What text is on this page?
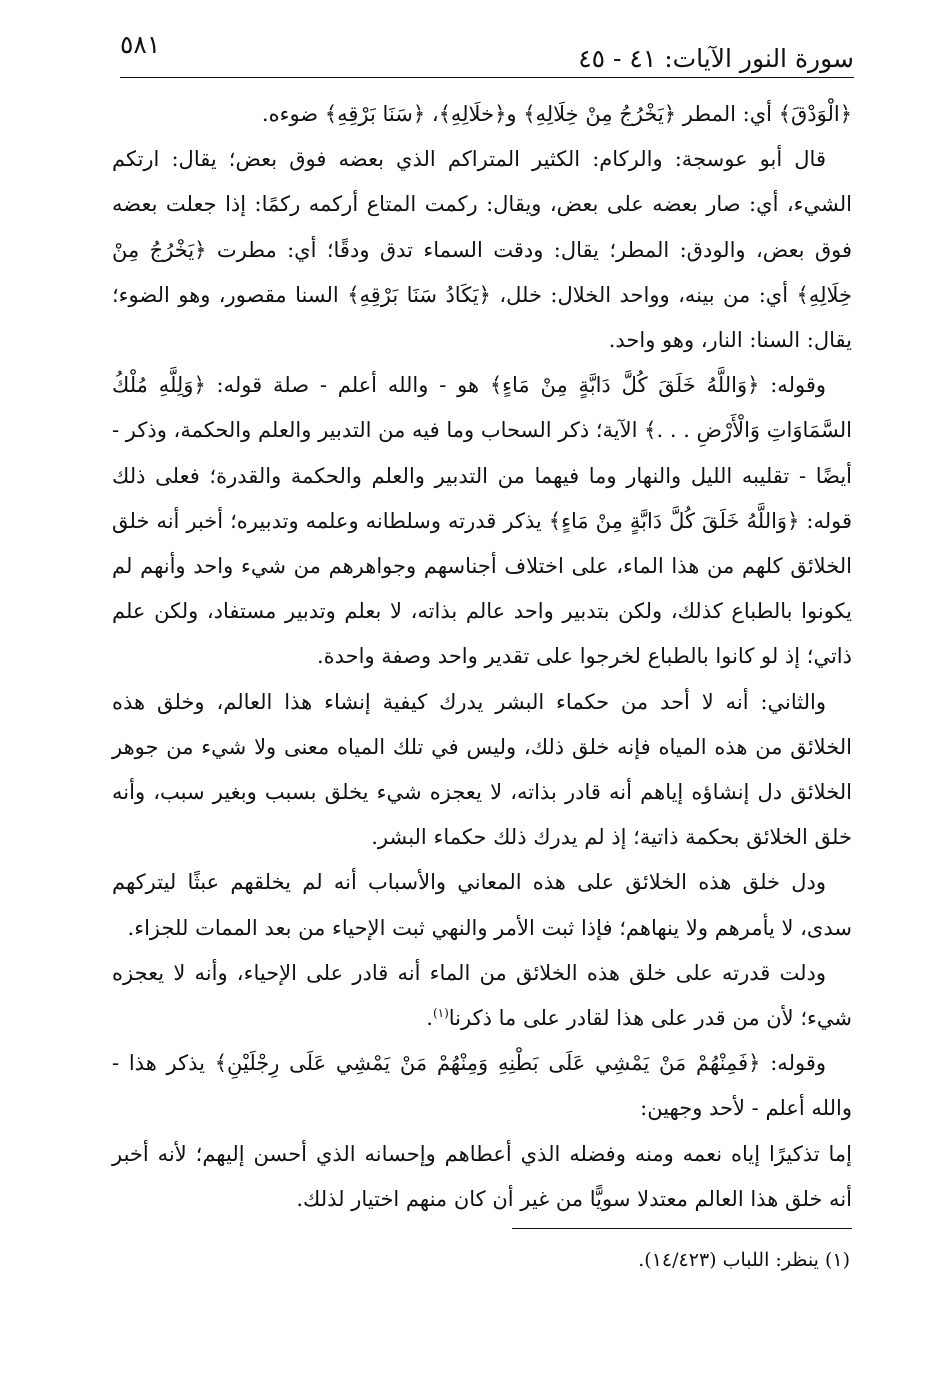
سورة النور الآيات: ٤١ - ٤٥
٥٨١

﴿الْوَدْقَ﴾ أي: المطر ﴿يَخْرُجُ مِنْ خِلَالِهِ﴾ و﴿خلَالِهِ﴾، ﴿سَنَا بَرْقِهِ﴾ ضوءه.

قال أبو عوسجة: والركام: الكثير المتراكم الذي بعضه فوق بعض؛ يقال: ارتكم الشيء، أي: صار بعضه على بعض، ويقال: ركمت المتاع أركمه ركمًا: إذا جعلت بعضه فوق بعض، والودق: المطر؛ يقال: ودقت السماء تدق ودقًا؛ أي: مطرت ﴿يَخْرُجُ مِنْ خِلَالِهِ﴾ أي: من بينه، وواحد الخلال: خلل، ﴿يَكَادُ سَنَا بَرْقِهِ﴾ السنا مقصور، وهو الضوء؛ يقال: السنا: النار، وهو واحد.

وقوله: ﴿وَاللَّهُ خَلَقَ كُلَّ دَابَّةٍ مِنْ مَاءٍ﴾ هو - والله أعلم - صلة قوله: ﴿وَلِلَّهِ مُلْكُ السَّمَاوَاتِ وَالْأَرْضِ . . .﴾ الآية؛ ذكر السحاب وما فيه من التدبير والعلم والحكمة، وذكر - أيضًا - تقليبه الليل والنهار وما فيهما من التدبير والعلم والحكمة والقدرة؛ فعلى ذلك قوله: ﴿وَاللَّهُ خَلَقَ كُلَّ دَابَّةٍ مِنْ مَاءٍ﴾ يذكر قدرته وسلطانه وعلمه وتدبيره؛ أخبر أنه خلق الخلائق كلهم من هذا الماء، على اختلاف أجناسهم وجواهرهم من شيء واحد وأنهم لم يكونوا بالطباع كذلك، ولكن بتدبير واحد عالم بذاته، لا بعلم وتدبير مستفاد، ولكن علم ذاتي؛ إذ لو كانوا بالطباع لخرجوا على تقدير واحد وصفة واحدة.

والثاني: أنه لا أحد من حكماء البشر يدرك كيفية إنشاء هذا العالم، وخلق هذه الخلائق من هذه المياه فإنه خلق ذلك، وليس في تلك المياه معنى ولا شيء من جوهر الخلائق دل إنشاؤه إياهم أنه قادر بذاته، لا يعجزه شيء يخلق بسبب وبغير سبب، وأنه خلق الخلائق بحكمة ذاتية؛ إذ لم يدرك ذلك حكماء البشر.

ودل خلق هذه الخلائق على هذه المعاني والأسباب أنه لم يخلقهم عبثًا ليتركهم سدى، لا يأمرهم ولا ينهاهم؛ فإذا ثبت الأمر والنهي ثبت الإحياء من بعد الممات للجزاء.

ودلت قدرته على خلق هذه الخلائق من الماء أنه قادر على الإحياء، وأنه لا يعجزه شيء؛ لأن من قدر على هذا لقادر على ما ذكرنا$^{(١)}$.

وقوله: ﴿فَمِنْهُمْ مَنْ يَمْشِي عَلَى بَطْنِهِ وَمِنْهُمْ مَنْ يَمْشِي عَلَى رِجْلَيْنِ﴾ يذكر هذا - والله أعلم - لأحد وجهين:

إما تذكيرًا إياه نعمه ومنه وفضله الذي أعطاهم وإحسانه الذي أحسن إليهم؛ لأنه أخبر أنه خلق هذا العالم معتدلا سويًّا من غير أن كان منهم اختيار لذلك.

(١) ينظر: اللباب (١٤/٤٢٣).
